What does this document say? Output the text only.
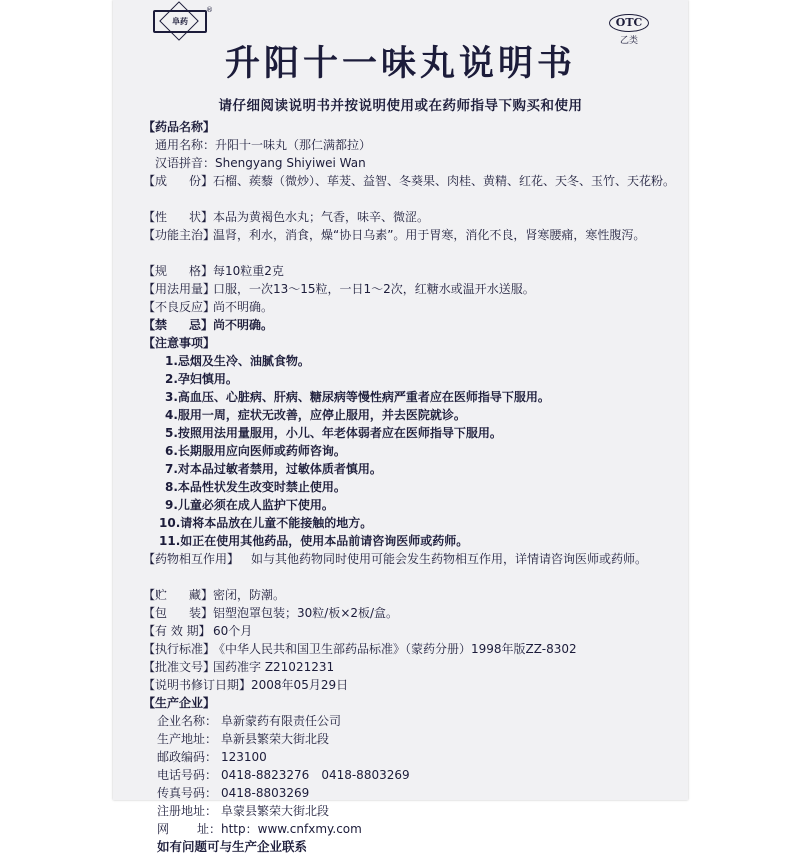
阜药
®
OTC
乙类
升阳十一味丸说明书
请仔细阅读说明书并按说明使用或在药师指导下购买和使用
【药品名称】
通用名称： 升阳十一味丸（那仁满都拉）
汉语拼音： Shengyang Shiyiwei Wan
【成 份】 石榴、蒺藜（微炒）、荜茇、益智、冬葵果、肉桂、黄精、红花、天冬、玉竹、天花粉。
【性 状】 本品为黄褐色水丸；气香，味辛、微涩。
【功能主治】
温肾，利水，消食，燥“协日乌素”。用于胃寒，消化不良，肾寒腰痛，寒性腹泻。
【规 格】 每10粒重2克
【用法用量】
口服，一次13～15粒，一日1～2次，红糖水或温开水送服。
【不良反应】
尚不明确。
【禁 忌】 尚不明确。
【注意事项】
1.忌烟及生冷、油腻食物。
2.孕妇慎用。
3.高血压、心脏病、肝病、糖尿病等慢性病严重者应在医师指导下服用。
4.服用一周，症状无改善，应停止服用，并去医院就诊。
5.按照用法用量服用，小儿、年老体弱者应在医师指导下服用。
6.长期服用应向医师或药师咨询。
7.对本品过敏者禁用，过敏体质者慎用。
8.本品性状发生改变时禁止使用。
9.儿童必须在成人监护下使用。
10.请将本品放在儿童不能接触的地方。
11.如正在使用其他药品，使用本品前请咨询医师或药师。
【药物相互作用】 如与其他药物同时使用可能会发生药物相互作用，详情请咨询医师或药师。
【贮 藏】 密闭，防潮。
【包 装】 铝塑泡罩包装；30粒/板×2板/盒。
【有 效 期】 60个月
【执行标准】
《中华人民共和国卫生部药品标准》（蒙药分册）1998年版ZZ-8302
【批准文号】
国药准字 Z21021231
【说明书修订日期】 2008年05月29日
【生产企业】
企业名称： 阜新蒙药有限责任公司
生产地址： 阜新县繁荣大街北段
邮政编码： 123100
电话号码： 0418-8823276　0418-8803269
传真号码： 0418-8803269
注册地址： 阜蒙县繁荣大街北段
网 址： http：www.cnfxmy.com
如有问题可与生产企业联系
